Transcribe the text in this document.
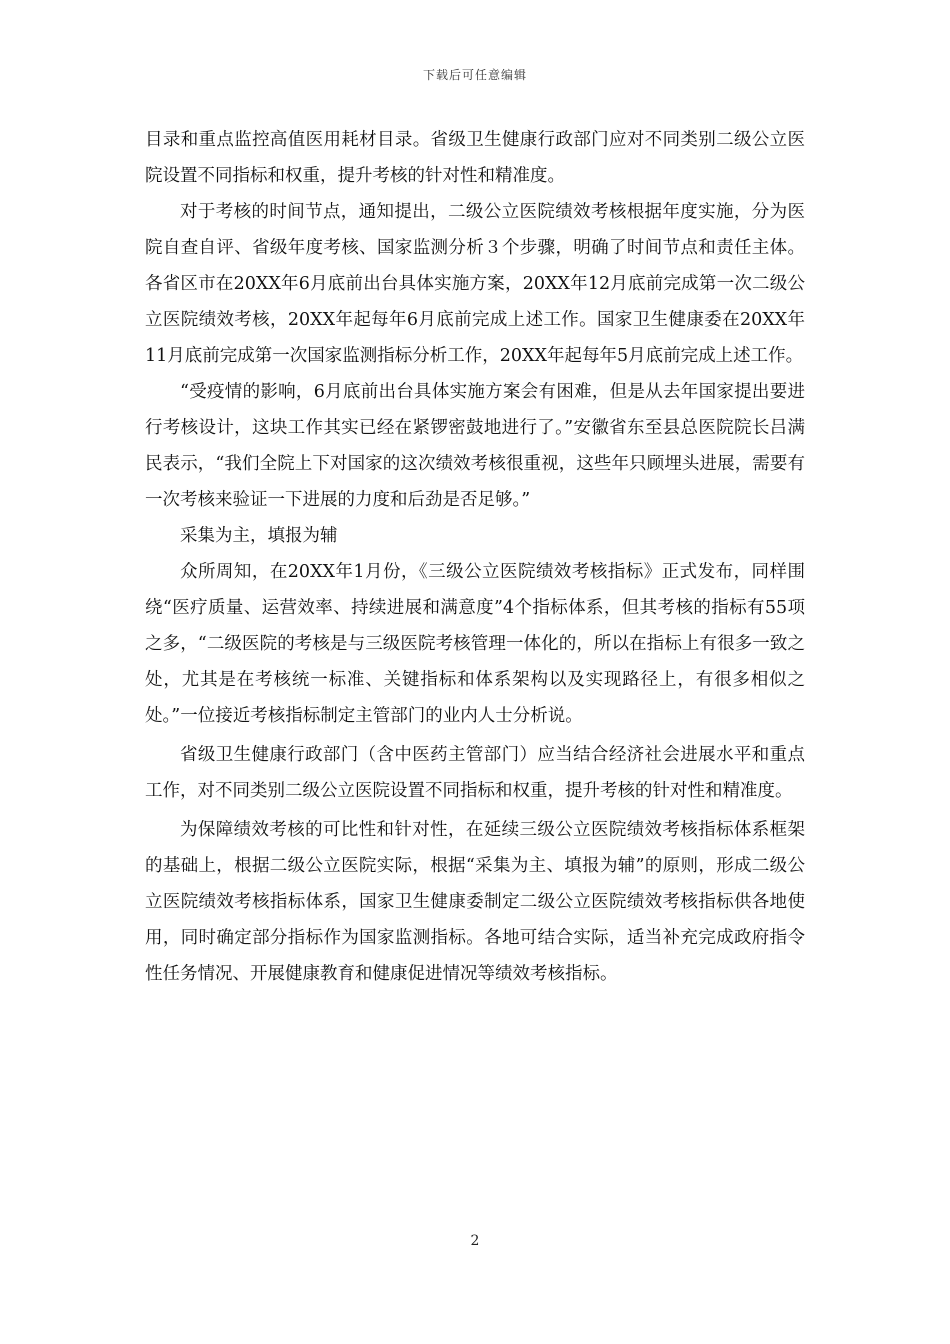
下载后可任意编辑

目录和重点监控高值医用耗材目录。省级卫生健康行政部门应对不同类别二级公立医院设置不同指标和权重，提升考核的针对性和精准度。

对于考核的时间节点，通知提出，二级公立医院绩效考核根据年度实施，分为医院自查自评、省级年度考核、国家监测分析３个步骤，明确了时间节点和责任主体。各省区市在20XX年6月底前出台具体实施方案，20XX年12月底前完成第一次二级公立医院绩效考核，20XX年起每年6月底前完成上述工作。国家卫生健康委在20XX年11月底前完成第一次国家监测指标分析工作，20XX年起每年5月底前完成上述工作。

“受疫情的影响，6月底前出台具体实施方案会有困难，但是从去年国家提出要进行考核设计，这块工作其实已经在紧锣密鼓地进行了。”安徽省东至县总医院院长吕满民表示，“我们全院上下对国家的这次绩效考核很重视，这些年只顾埋头进展，需要有一次考核来验证一下进展的力度和后劲是否足够。”

采集为主，填报为辅

众所周知，在20XX年1月份，《三级公立医院绩效考核指标》正式发布，同样围绕“医疗质量、运营效率、持续进展和满意度”4个指标体系，但其考核的指标有55项之多，“二级医院的考核是与三级医院考核管理一体化的，所以在指标上有很多一致之处，尤其是在考核统一标准、关键指标和体系架构以及实现路径上，有很多相似之处。”一位接近考核指标制定主管部门的业内人士分析说。

省级卫生健康行政部门（含中医药主管部门）应当结合经济社会进展水平和重点工作，对不同类别二级公立医院设置不同指标和权重，提升考核的针对性和精准度。

为保障绩效考核的可比性和针对性，在延续三级公立医院绩效考核指标体系框架的基础上，根据二级公立医院实际，根据“采集为主、填报为辅”的原则，形成二级公立医院绩效考核指标体系，国家卫生健康委制定二级公立医院绩效考核指标供各地使用，同时确定部分指标作为国家监测指标。各地可结合实际，适当补充完成政府指令性任务情况、开展健康教育和健康促进情况等绩效考核指标。

2
